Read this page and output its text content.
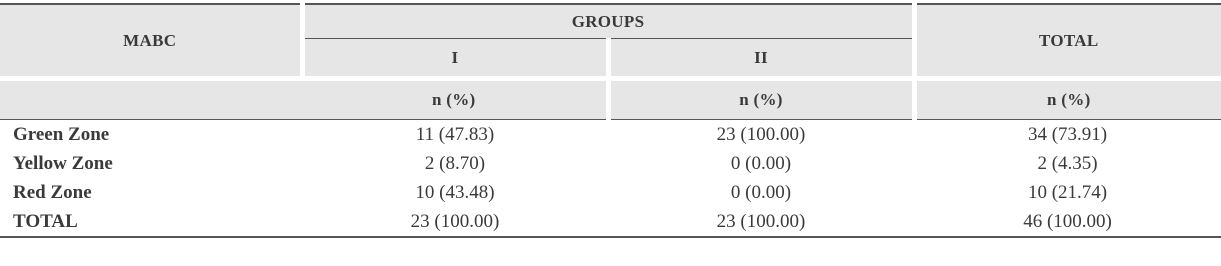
MABC	GROUPS		TOTAL
	I	II	
	n (%)	n (%)	n (%)
Green Zone	11 (47.83)	23 (100.00)	34 (73.91)
Yellow Zone	2 (8.70)	0 (0.00)	2 (4.35)
Red Zone	10 (43.48)	0 (0.00)	10 (21.74)
TOTAL	23 (100.00)	23 (100.00)	46 (100.00)
